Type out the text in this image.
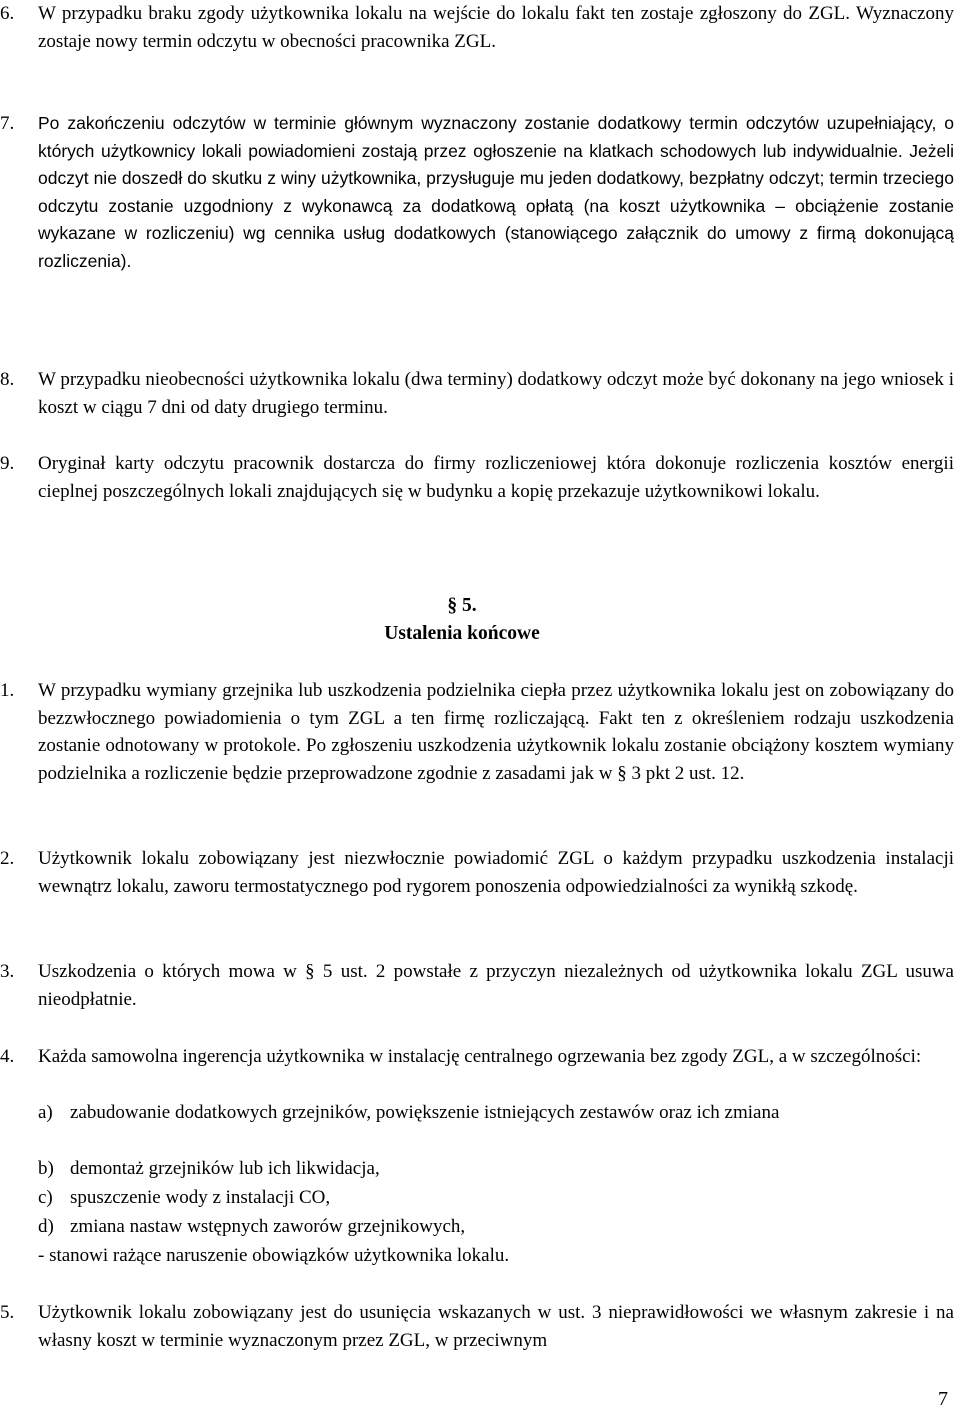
6. W przypadku braku zgody użytkownika lokalu na wejście do lokalu fakt ten zostaje zgłoszony do ZGL. Wyznaczony zostaje nowy termin odczytu w obecności pracownika ZGL.

7. Po zakończeniu odczytów w terminie głównym wyznaczony zostanie dodatkowy termin odczytów uzupełniający, o których użytkownicy lokali powiadomieni zostają przez ogłoszenie na klatkach schodowych lub indywidualnie. Jeżeli odczyt nie doszedł do skutku z winy użytkownika, przysługuje mu jeden dodatkowy, bezpłatny odczyt; termin trzeciego odczytu zostanie uzgodniony z wykonawcą za dodatkową opłatą (na koszt użytkownika – obciążenie zostanie wykazane w rozliczeniu) wg cennika usług dodatkowych (stanowiącego załącznik do umowy z firmą dokonującą rozliczenia).

8. W przypadku nieobecności użytkownika lokalu (dwa terminy) dodatkowy odczyt może być dokonany na jego wniosek i koszt w ciągu 7 dni od daty drugiego terminu.

9. Oryginał karty odczytu pracownik dostarcza do firmy rozliczeniowej która dokonuje rozliczenia kosztów energii cieplnej poszczególnych lokali znajdujących się w budynku a kopię przekazuje użytkownikowi lokalu.

§ 5.
Ustalenia końcowe
1. W przypadku wymiany grzejnika lub uszkodzenia podzielnika ciepła przez użytkownika lokalu jest on zobowiązany do bezzwłocznego powiadomienia o tym ZGL a ten firmę rozliczającą. Fakt ten z określeniem rodzaju uszkodzenia zostanie odnotowany w protokole. Po zgłoszeniu uszkodzenia użytkownik lokalu zostanie obciążony kosztem wymiany podzielnika a rozliczenie będzie przeprowadzone zgodnie z zasadami jak w § 3 pkt 2 ust. 12.

2. Użytkownik lokalu zobowiązany jest niezwłocznie powiadomić ZGL o każdym przypadku uszkodzenia instalacji wewnątrz lokalu, zaworu termostatycznego pod rygorem ponoszenia odpowiedzialności za wynikłą szkodę.

3. Uszkodzenia o których mowa w § 5 ust. 2 powstałe z przyczyn niezależnych od użytkownika lokalu ZGL usuwa nieodpłatnie.

4. Każda samowolna ingerencja użytkownika w instalację centralnego ogrzewania bez zgody ZGL, a w szczególności:

a) zabudowanie dodatkowych grzejników, powiększenie istniejących zestawów oraz ich zmiana
b) demontaż grzejników lub ich likwidacja,
c) spuszczenie wody z instalacji CO,
d) zmiana nastaw wstępnych zaworów grzejnikowych,
- stanowi rażące naruszenie obowiązków użytkownika lokalu.
5. Użytkownik lokalu zobowiązany jest do usunięcia wskazanych w ust. 3 nieprawidłowości we własnym zakresie i na własny koszt w terminie wyznaczonym przez ZGL, w przeciwnym

7
